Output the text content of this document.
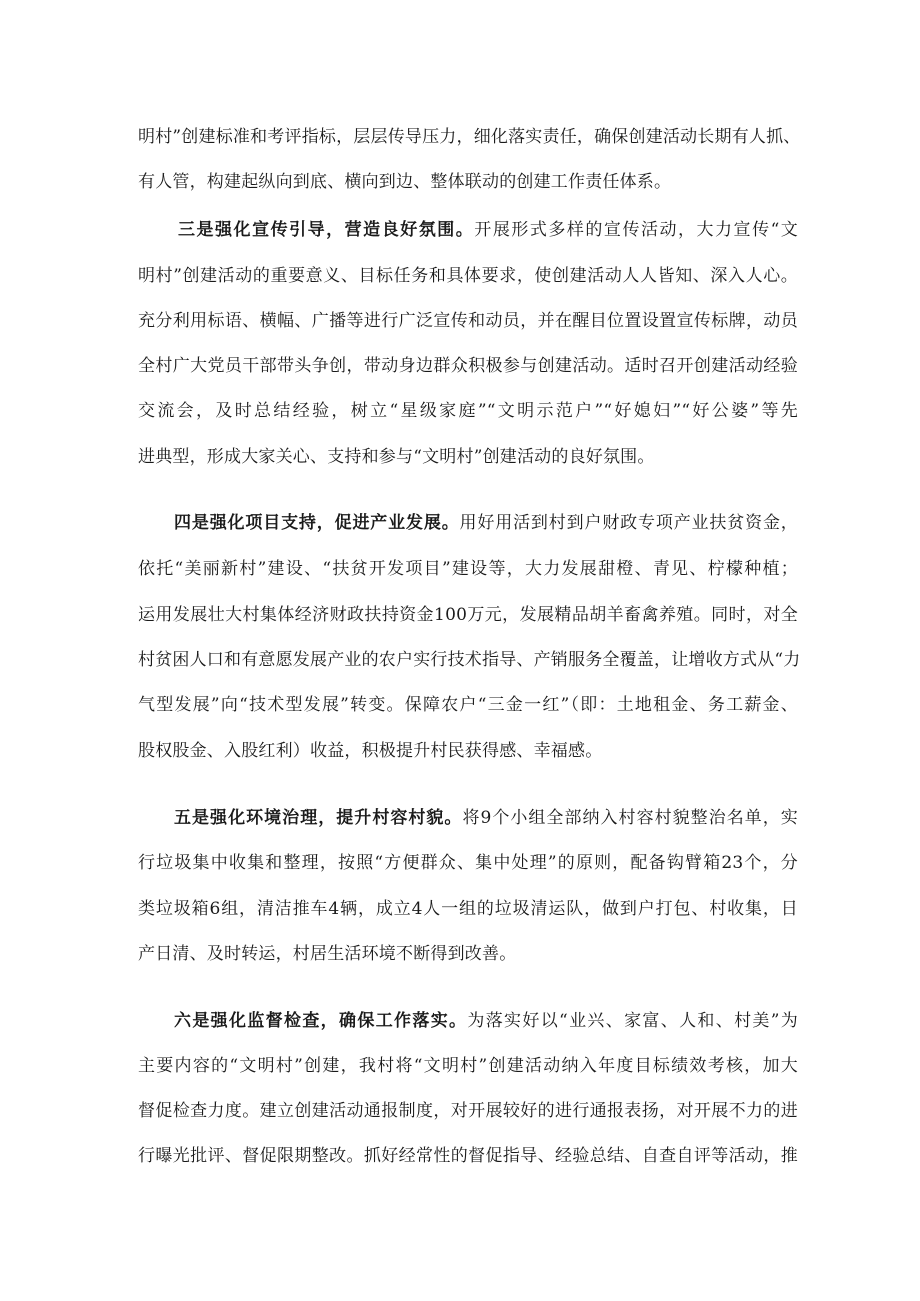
明村”创建标准和考评指标，层层传导压力，细化落实责任，确保创建活动长期有人抓、
有人管，构建起纵向到底、横向到边、整体联动的创建工作责任体系。
三是强化宣传引导，营造良好氛围。开展形式多样的宣传活动，大力宣传“文
明村”创建活动的重要意义、目标任务和具体要求，使创建活动人人皆知、深入人心。
充分利用标语、横幅、广播等进行广泛宣传和动员，并在醒目位置设置宣传标牌，动员
全村广大党员干部带头争创，带动身边群众积极参与创建活动。适时召开创建活动经验
交流会，及时总结经验，树立“星级家庭”“文明示范户”“好媳妇”“好公婆”等先
进典型，形成大家关心、支持和参与“文明村”创建活动的良好氛围。
四是强化项目支持，促进产业发展。用好用活到村到户财政专项产业扶贫资金，
依托“美丽新村”建设、“扶贫开发项目”建设等，大力发展甜橙、青见、柠檬种植；
运用发展壮大村集体经济财政扶持资金100万元，发展精品胡羊畜禽养殖。同时，对全
村贫困人口和有意愿发展产业的农户实行技术指导、产销服务全覆盖，让增收方式从“力
气型发展”向“技术型发展”转变。保障农户“三金一红”（即：土地租金、务工薪金、
股权股金、入股红利）收益，积极提升村民获得感、幸福感。
五是强化环境治理，提升村容村貌。将9个小组全部纳入村容村貌整治名单，实
行垃圾集中收集和整理，按照“方便群众、集中处理”的原则，配备钩臂箱23个，分
类垃圾箱6组，清洁推车4辆，成立4人一组的垃圾清运队，做到户打包、村收集，日
产日清、及时转运，村居生活环境不断得到改善。
六是强化监督检查，确保工作落实。为落实好以“业兴、家富、人和、村美”为
主要内容的“文明村”创建，我村将“文明村”创建活动纳入年度目标绩效考核，加大
督促检查力度。建立创建活动通报制度，对开展较好的进行通报表扬，对开展不力的进
行曝光批评、督促限期整改。抓好经常性的督促指导、经验总结、自查自评等活动，推
